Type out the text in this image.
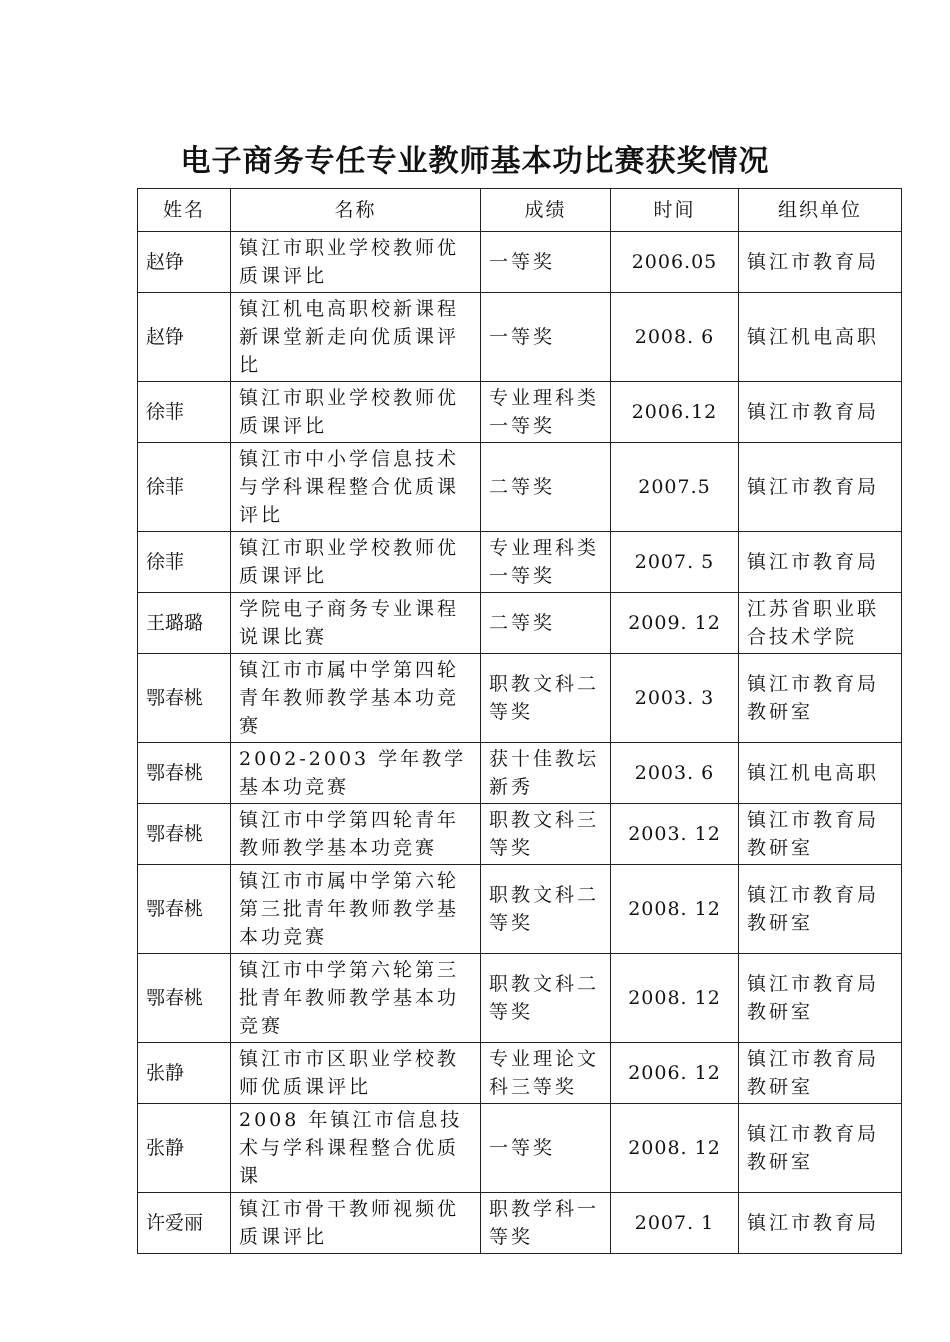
电子商务专任专业教师基本功比赛获奖情况
姓名	名称	成绩	时间	组织单位
赵铮	镇江市职业学校教师优质课评比	一等奖	2006.05	镇江市教育局
赵铮	镇江机电高职校新课程新课堂新走向优质课评比	一等奖	2008. 6	镇江机电高职
徐菲	镇江市职业学校教师优质课评比	专业理科类一等奖	2006.12	镇江市教育局
徐菲	镇江市中小学信息技术与学科课程整合优质课评比	二等奖	2007.5	镇江市教育局
徐菲	镇江市职业学校教师优质课评比	专业理科类一等奖	2007. 5	镇江市教育局
王璐璐	学院电子商务专业课程说课比赛	二等奖	2009. 12	江苏省职业联合技术学院
鄂春桃	镇江市市属中学第四轮青年教师教学基本功竞赛	职教文科二等奖	2003. 3	镇江市教育局教研室
鄂春桃	2002-2003 学年教学基本功竞赛	获十佳教坛新秀	2003. 6	镇江机电高职
鄂春桃	镇江市中学第四轮青年教师教学基本功竞赛	职教文科三等奖	2003. 12	镇江市教育局教研室
鄂春桃	镇江市市属中学第六轮第三批青年教师教学基本功竞赛	职教文科二等奖	2008. 12	镇江市教育局教研室
鄂春桃	镇江市中学第六轮第三批青年教师教学基本功竞赛	职教文科二等奖	2008. 12	镇江市教育局教研室
张静	镇江市市区职业学校教师优质课评比	专业理论文科三等奖	2006. 12	镇江市教育局教研室
张静	2008 年镇江市信息技术与学科课程整合优质课	一等奖	2008. 12	镇江市教育局教研室
许爱丽	镇江市骨干教师视频优质课评比	职教学科一等奖	2007. 1	镇江市教育局
